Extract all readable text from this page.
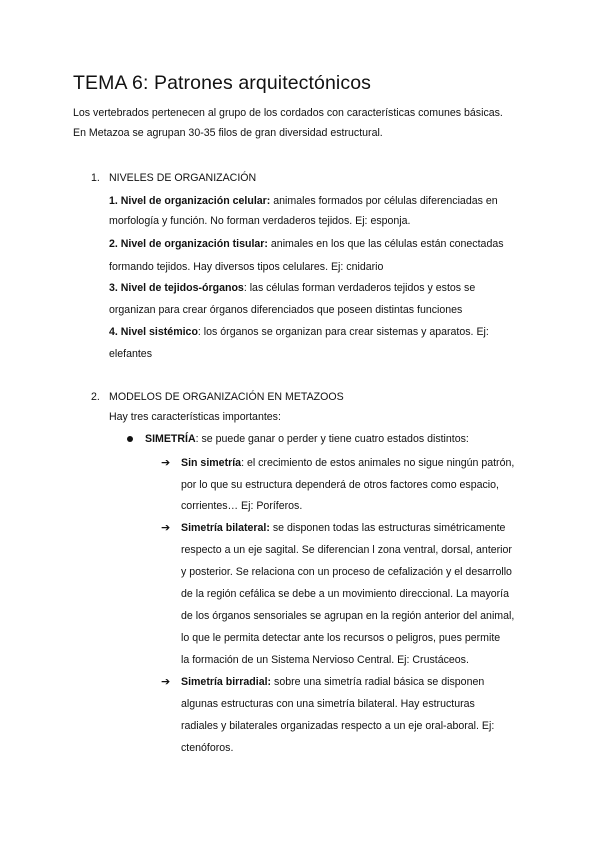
TEMA 6: Patrones arquitectónicos
Los vertebrados pertenecen al grupo de los cordados con características comunes básicas.
En Metazoa se agrupan 30-35 filos de gran diversidad estructural.
1. NIVELES DE ORGANIZACIÓN
1. Nivel de organización celular: animales formados por células diferenciadas en
morfología y función. No forman verdaderos tejidos. Ej: esponja.
2. Nivel de organización tisular: animales en los que las células están conectadas
formando tejidos. Hay diversos tipos celulares. Ej: cnidario
3. Nivel de tejidos-órganos: las células forman verdaderos tejidos y estos se
organizan para crear órganos diferenciados que poseen distintas funciones
4. Nivel sistémico: los órganos se organizan para crear sistemas y aparatos. Ej:
elefantes
2. MODELOS DE ORGANIZACIÓN EN METAZOOS
Hay tres características importantes:
SIMETRÍA: se puede ganar o perder y tiene cuatro estados distintos:
➔ Sin simetría: el crecimiento de estos animales no sigue ningún patrón,
por lo que su estructura dependerá de otros factores como espacio,
corrientes… Ej: Poríferos.
➔ Simetría bilateral: se disponen todas las estructuras simétricamente
respecto a un eje sagital. Se diferencian l zona ventral, dorsal, anterior
y posterior. Se relaciona con un proceso de cefalización y el desarrollo
de la región cefálica se debe a un movimiento direccional. La mayoría
de los órganos sensoriales se agrupan en la región anterior del animal,
lo que le permita detectar ante los recursos o peligros, pues permite
la formación de un Sistema Nervioso Central. Ej: Crustáceos.
➔ Simetría birradial: sobre una simetría radial básica se disponen
algunas estructuras con una simetría bilateral. Hay estructuras
radiales y bilaterales organizadas respecto a un eje oral-aboral. Ej:
ctenóforos.
